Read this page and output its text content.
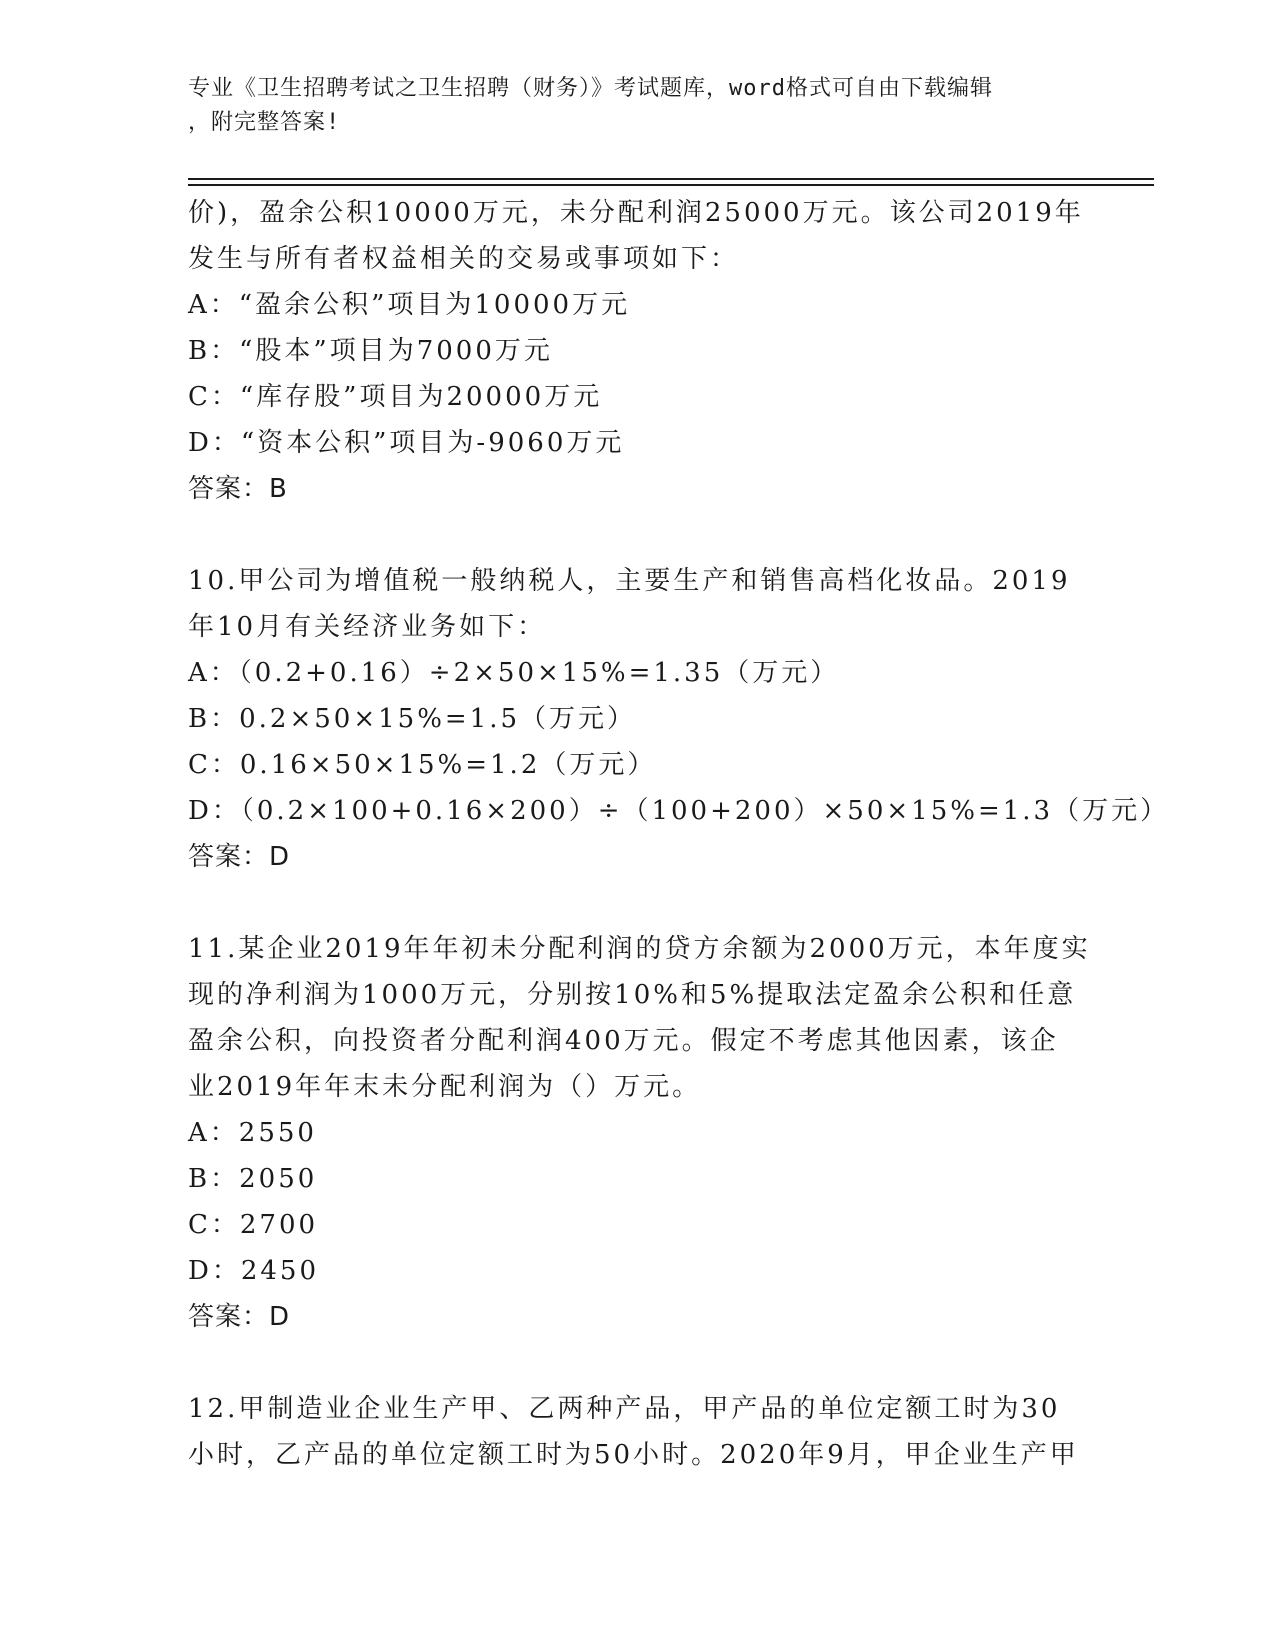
专业《卫生招聘考试之卫生招聘（财务）》考试题库，word格式可自由下载编辑
，附完整答案!
价)，盈余公积10000万元，未分配利润25000万元。该公司2019年
发生与所有者权益相关的交易或事项如下：
A：“盈余公积”项目为10000万元
B：“股本”项目为7000万元
C：“库存股”项目为20000万元
D：“资本公积”项目为-9060万元
答案：B
10.甲公司为增值税一般纳税人，主要生产和销售高档化妆品。2019
年10月有关经济业务如下：
A：（0.2+0.16）÷2×50×15%=1.35（万元）
B：0.2×50×15%=1.5（万元）
C：0.16×50×15%=1.2（万元）
D：（0.2×100+0.16×200）÷（100+200）×50×15%=1.3（万元）
答案：D
11.某企业2019年年初未分配利润的贷方余额为2000万元，本年度实
现的净利润为1000万元，分别按10%和5%提取法定盈余公积和任意
盈余公积，向投资者分配利润400万元。假定不考虑其他因素，该企
业2019年年末未分配利润为（）万元。
A：2550
B：2050
C：2700
D：2450
答案：D
12.甲制造业企业生产甲、乙两种产品，甲产品的单位定额工时为30
小时，乙产品的单位定额工时为50小时。2020年9月，甲企业生产甲
